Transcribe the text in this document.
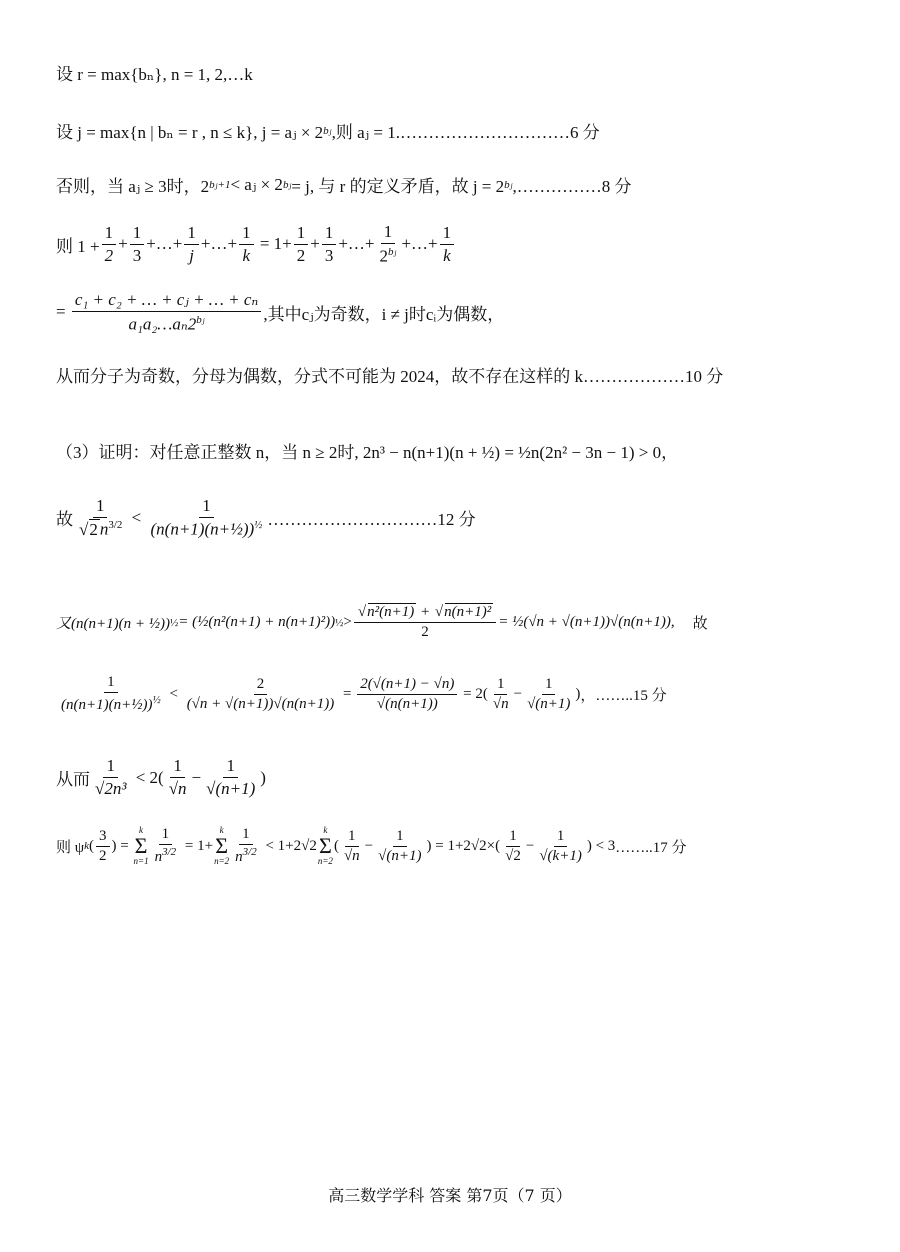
设 r = max{bₙ}, n = 1, 2,…k
设 j = max{n | bₙ = r , n ≤ k}, j = aⱼ × 2 bⱼ ,则 aⱼ = 1. …………………………6 分
否则，当 aⱼ ≥ 3时，2 bⱼ+1 < aⱼ × 2 bⱼ = j, 与 r 的定义矛盾，故 j = 2 bⱼ ,……………8 分
则 $1 + \frac{1}{2} + \frac{1}{3}$ +…+ $\frac{1}{j}$ +…+ $\frac{1}{k} = 1+ \frac{1}{2} + \frac{1}{3}$ +…+ $\frac{1}{2^{bⱼ}}$ +…+ $\frac{1}{k}$
= $\frac{\text{c₁ + c₂ + … + cⱼ + … + cₙ}}{a_1a_2\dots a_n2^{bⱼ}}$ ,其中cⱼ为奇数，i ≠ j时cᵢ为偶数，
从而分子为奇数，分母为偶数，分式不可能为 2024，故不存在这样的 k………………10 分
（3）证明：对任意正整数 n，当 n ≥ 2时, 2n³ − n(n+1)(n + ½) = ½n(2n² − 3n − 1) > 0，
故 1
√ 2 $n^{3/2} < \frac{1}{(n(n+1)(n+\frac{1}{2}))^{\frac{1}{2}}}$ …………………………12 分
又(n(n+1)(n + ½)) ½ = (½(n²(n+1) + n(n+1)²)) ½ >
√ $\frac{\text{n²(n+1) + √ n(n+1)²}}{2}$ = ½(√n + √(n+1))√(n(n+1)), 故
$\frac{1}{(n(n+1)(n+\frac{1}{2}))^{\frac{1}{2}}} < \frac{2}{(√n + √(n+1))√(n(n+1))} = \frac{2(√(n+1) - √n)}{√(n(n+1))} = 2( \frac{1}{√n} - \frac{1}{√(n+1)}$ ) ，……..15 分
从而 $\frac{1}{\text{√2n³}} < 2( \frac{1}{√n} - \frac{1}{√(n+1)}$ )
则 ψ k ( $\frac{3}{2}$ ) =
k
Σ
$n=1 \frac{1}{n^{3/2}} = 1+$
k
Σ
$n=2 \frac{1}{n^{3/2}} < 1+2√2$
k
Σ
n=2
( $\frac{1}{√n} - \frac{1}{√(n+1)}$ ) = $1+2√2\times( \frac{1}{√2} - \frac{1}{√(k+1)}$ ) < 3 ……..17 分
高三数学学科 答案 第7页（7 页）
